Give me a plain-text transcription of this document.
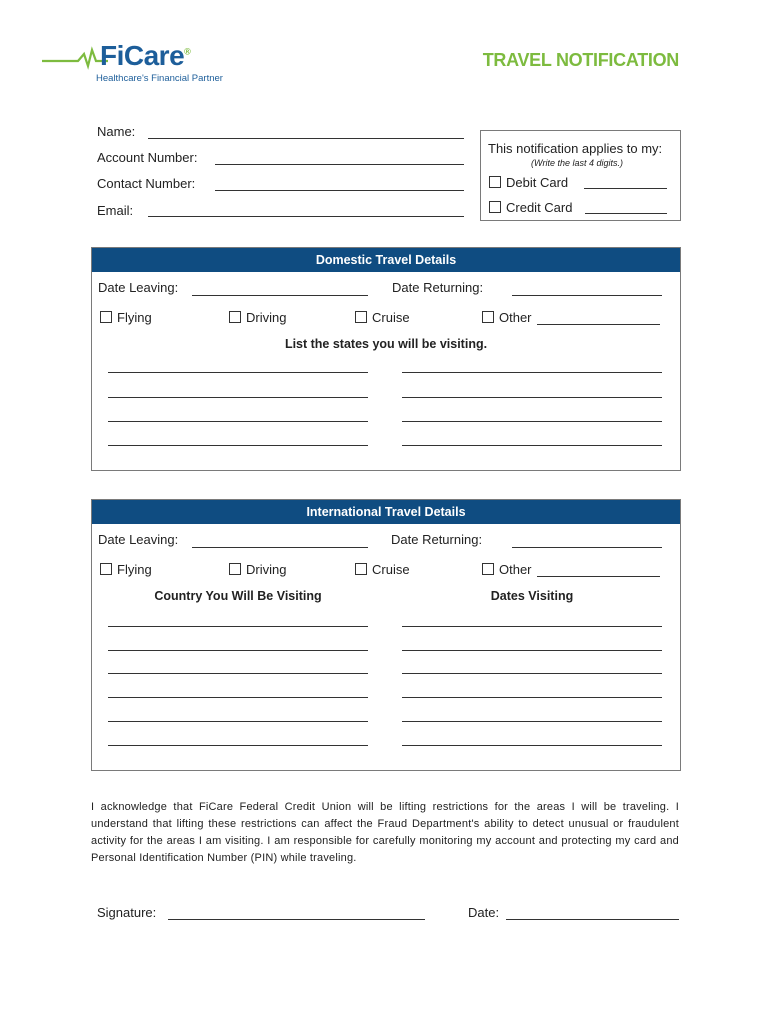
FiCare®
Healthcare's Financial Partner
TRAVEL NOTIFICATION
Name:
Account Number:
Contact Number:
Email:
This notification applies to my:
(Write the last 4 digits.)
Debit Card
Credit Card
Domestic Travel Details
Date Leaving:	Date Returning:
Flying	Driving	Cruise	Other
List the states you will be visiting.
International Travel Details
Date Leaving:	Date Returning:
Flying	Driving	Cruise	Other
Country You Will Be Visiting	Dates Visiting
I acknowledge that FiCare Federal Credit Union will be lifting restrictions for the areas I will be traveling. I understand that lifting these restrictions can affect the Fraud Department's ability to detect unusual or fraudulent activity for the areas I am visiting. I am responsible for carefully monitoring my account and protecting my card and Personal Identification Number (PIN) while traveling.
Signature:	Date:
